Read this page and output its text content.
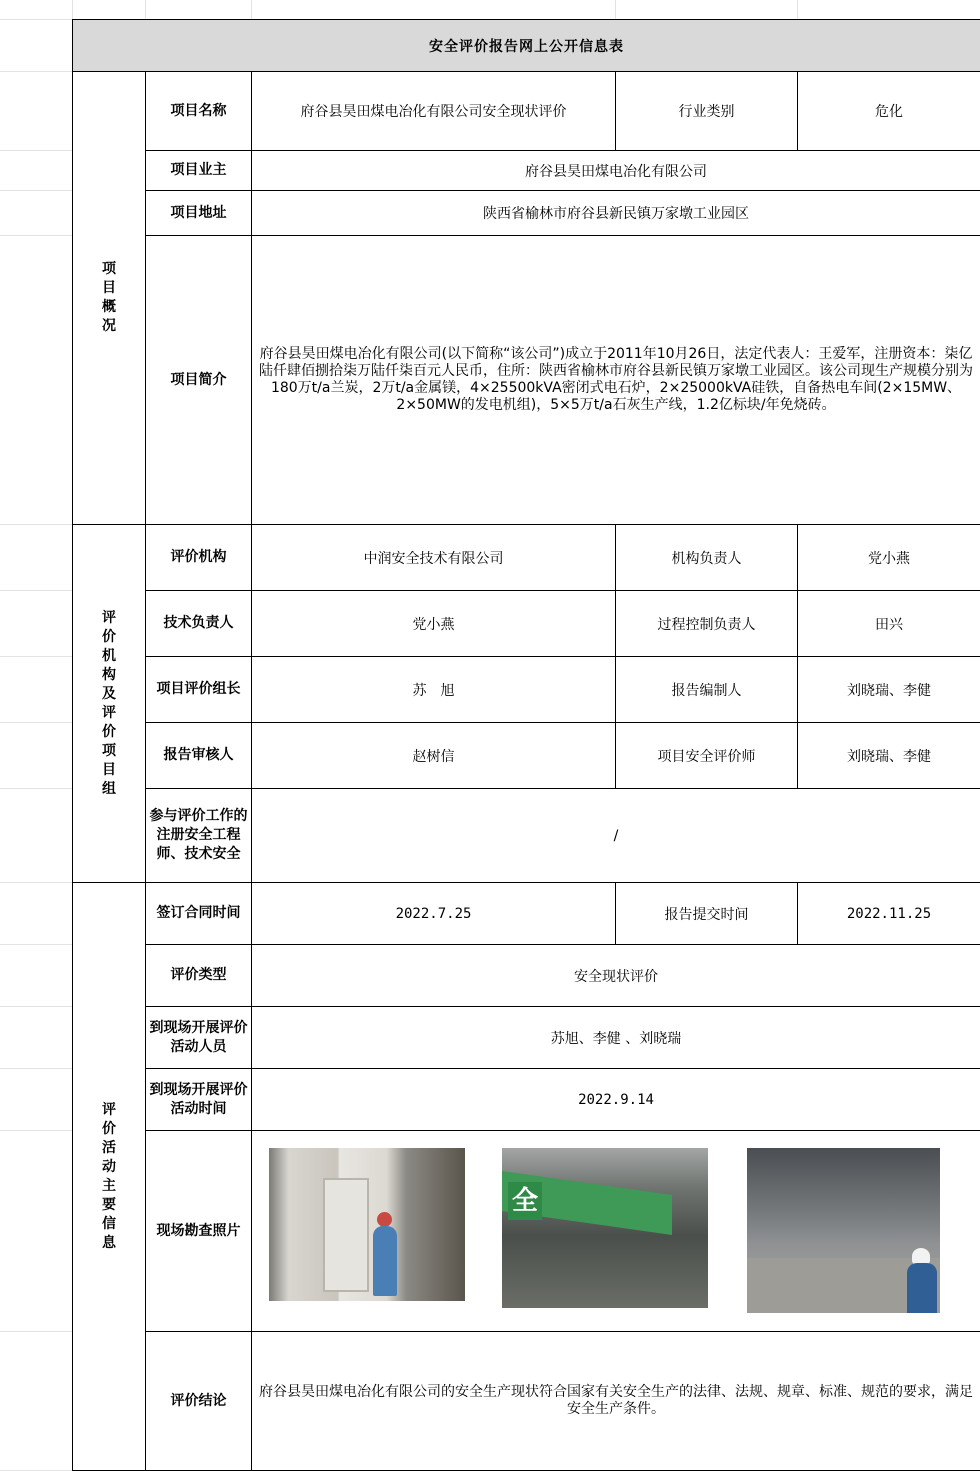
安全评价报告网上公开信息表				
项目概况	项目名称	府谷县昊田煤电冶化有限公司安全现状评价	行业类别	危化
	项目业主	府谷县昊田煤电冶化有限公司		
	项目地址	陕西省榆林市府谷县新民镇万家墩工业园区		
	项目简介	府谷县昊田煤电冶化有限公司(以下简称“该公司”)成立于2011年10月26日，法定代表人：王爱军，注册资本：柒亿陆仟肆佰捌拾柒万陆仟柒百元人民币，住所：陕西省榆林市府谷县新民镇万家墩工业园区。该公司现生产规模分别为180万t/a兰炭，2万t/a金属镁，4×25500kVA密闭式电石炉，2×25000kVA硅铁，自备热电车间(2×15MW、2×50MW的发电机组)，5×5万t/a石灰生产线，1.2亿标块/年免烧砖。		
评价机构及评价项目组	评价机构	中润安全技术有限公司	机构负责人	党小燕
	技术负责人	党小燕	过程控制负责人	田兴
	项目评价组长	苏　旭	报告编制人	刘晓瑞、李健
	报告审核人	赵树信	项目安全评价师	刘晓瑞、李健
	参与评价工作的注册安全工程师、技术安全	/		
评价活动主要信息	签订合同时间	2022.7.25	报告提交时间	2022.11.25
	评价类型	安全现状评价		
	到现场开展评价活动人员	苏旭、李健 、刘晓瑞		
	到现场开展评价活动时间	2022.9.14		
	现场勘查照片	全		

	评价结论	府谷县昊田煤电冶化有限公司的安全生产现状符合国家有关安全生产的法律、法规、规章、标准、规范的要求，满足安全生产条件。		
